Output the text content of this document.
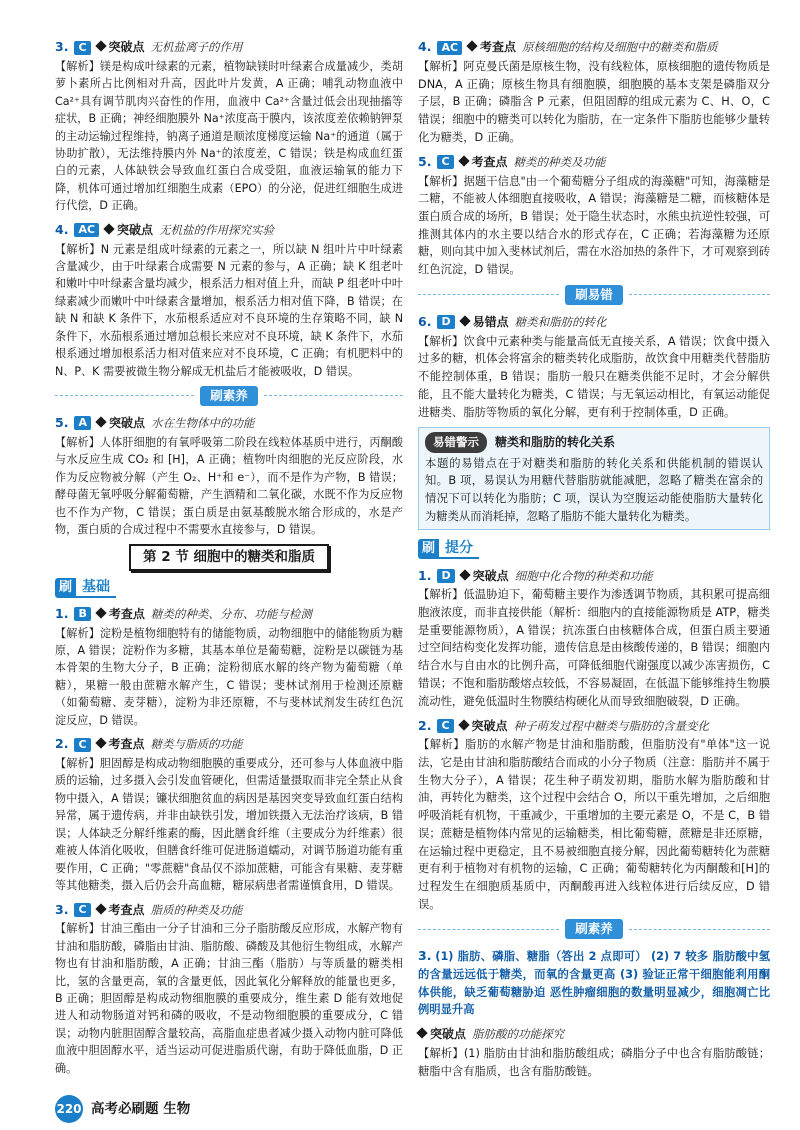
3. C	突破点 无机盐离子的作用

【解析】镁是构成叶绿素的元素，植物缺镁时叶绿素合成量减少，类胡萝卜素所占比例相对升高，因此叶片发黄，A 正确；哺乳动物血液中 Ca²⁺具有调节肌肉兴奋性的作用，血液中 Ca²⁺含量过低会出现抽搐等症状，B 正确；神经细胞膜外 Na⁺浓度高于膜内，该浓度差依赖钠钾泵的主动运输过程维持，钠离子通道是顺浓度梯度运输 Na⁺的通道（属于协助扩散），无法维持膜内外 Na⁺的浓度差，C 错误；铁是构成血红蛋白的元素，人体缺铁会导致血红蛋白合成受阻，血液运输氧的能力下降，机体可通过增加红细胞生成素（EPO）的分泌，促进红细胞生成进行代偿，D 正确。

4. AC	突破点 无机盐的作用探究实验

【解析】N 元素是组成叶绿素的元素之一，所以缺 N 组叶片中叶绿素含量减少，由于叶绿素合成需要 N 元素的参与，A 正确；缺 K 组老叶和嫩叶中叶绿素含量均减少，根系活力相对值上升，而缺 P 组老叶中叶绿素减少而嫩叶中叶绿素含量增加，根系活力相对值下降，B 错误；在缺 N 和缺 K 条件下，水茄根系适应对不良环境的生存策略不同，缺 N 条件下，水茄根系通过增加总根长来应对不良环境，缺 K 条件下，水茄根系通过增加根系活力相对值来应对不良环境，C 正确；有机肥料中的 N、P、K 需要被微生物分解成无机盐后才能被吸收，D 错误。

刷素养
5. A	突破点 水在生物体中的功能

【解析】人体肝细胞的有氧呼吸第二阶段在线粒体基质中进行，丙酮酸与水反应生成 CO₂ 和 [H]，A 正确；植物叶肉细胞的光反应阶段，水作为反应物被分解（产生 O₂、H⁺和 e⁻），而不是作为产物，B 错误；酵母菌无氧呼吸分解葡萄糖，产生酒精和二氧化碳，水既不作为反应物也不作为产物，C 错误；蛋白质是由氨基酸脱水缩合形成的，水是产物，蛋白质的合成过程中不需要水直接参与，D 错误。

第 2 节 细胞中的糖类和脂质
刷 基础
1. B	考查点 糖类的种类、分布、功能与检测

【解析】淀粉是植物细胞特有的储能物质，动物细胞中的储能物质为糖原，A 错误；淀粉作为多糖，其基本单位是葡萄糖，淀粉是以碳链为基本骨架的生物大分子，B 正确；淀粉彻底水解的终产物为葡萄糖（单糖），果糖一般由蔗糖水解产生，C 错误；斐林试剂用于检测还原糖（如葡萄糖、麦芽糖），淀粉为非还原糖，不与斐林试剂发生砖红色沉淀反应，D 错误。

2. C	考查点 糖类与脂质的功能

【解析】胆固醇是构成动物细胞膜的重要成分，还可参与人体血液中脂质的运输，过多摄入会引发血管硬化，但需适量摄取而非完全禁止从食物中摄入，A 错误；镰状细胞贫血的病因是基因突变导致血红蛋白结构异常，属于遗传病，并非由缺铁引发，增加铁摄入无法治疗该病，B 错误；人体缺乏分解纤维素的酶，因此膳食纤维（主要成分为纤维素）很难被人体消化吸收，但膳食纤维可促进肠道蠕动，对调节肠道功能有重要作用，C 正确；"零蔗糖"食品仅不添加蔗糖，可能含有果糖、麦芽糖等其他糖类，摄入后仍会升高血糖，糖尿病患者需谨慎食用，D 错误。

3. C	考查点 脂质的种类及功能

【解析】甘油三酯由一分子甘油和三分子脂肪酸反应形成，水解产物有甘油和脂肪酸，磷脂由甘油、脂肪酸、磷酸及其他衍生物组成，水解产物也有甘油和脂肪酸，A 正确；甘油三酯（脂肪）与等质量的糖类相比，氢的含量更高，氧的含量更低，因此氧化分解释放的能量也更多，B 正确；胆固醇是构成动物细胞膜的重要成分，维生素 D 能有效地促进人和动物肠道对钙和磷的吸收，不是动物细胞膜的重要成分，C 错误；动物内脏胆固醇含量较高，高脂血症患者减少摄入动物内脏可降低血液中胆固醇水平，适当运动可促进脂质代谢，有助于降低血脂，D 正确。

4. AC	考查点 原核细胞的结构及细胞中的糖类和脂质

【解析】阿克曼氏菌是原核生物，没有线粒体，原核细胞的遗传物质是 DNA，A 正确；原核生物具有细胞膜，细胞膜的基本支架是磷脂双分子层，B 正确；磷脂含 P 元素，但阻固醇的组成元素为 C、H、O，C 错误；细胞中的糖类可以转化为脂肪，在一定条件下脂肪也能够少量转化为糖类，D 正确。

5. C	考查点 糖类的种类及功能

【解析】据题干信息"由一个葡萄糖分子组成的海藻糖"可知，海藻糖是二糖，不能被人体细胞直接吸收，A 错误；海藻糖是二糖，而核糖体是蛋白质合成的场所，B 错误；处于隐生状态时，水熊虫抗逆性较强，可推测其体内的水主要以结合水的形式存在，C 正确；若海藻糖为还原糖，则向其中加入斐林试剂后，需在水浴加热的条件下，才可观察到砖红色沉淀，D 错误。

刷易错
6. D	易错点 糖类和脂肪的转化

【解析】饮食中元素种类与能量高低无直接关系，A 错误；饮食中摄入过多的糖，机体会将富余的糖类转化成脂肪，故饮食中用糖类代替脂肪不能控制体重，B 错误；脂肪一般只在糖类供能不足时，才会分解供能，且不能大量转化为糖类，C 错误；与无氧运动相比，有氧运动能促进糖类、脂肪等物质的氧化分解，更有利于控制体重，D 正确。

易错警示	糖类和脂肪的转化关系
本题的易错点在于对糖类和脂肪的转化关系和供能机制的错误认知。B 项，易误认为用糖代替脂肪就能减肥，忽略了糖类在富余的情况下可以转化为脂肪；C 项，误认为空腹运动能使脂肪大量转化为糖类从而消耗掉，忽略了脂肪不能大量转化为糖类。
刷 提分
1. D	突破点 细胞中化合物的种类和功能

【解析】低温胁迫下，葡萄糖主要作为渗透调节物质，其积累可提高细胞液浓度，而非直接供能（解析：细胞内的直接能源物质是 ATP，糖类是重要能源物质），A 错误；抗冻蛋白由核糖体合成，但蛋白质主要通过空间结构变化发挥功能，遗传信息是由核酸传递的，B 错误；细胞内结合水与自由水的比例升高，可降低细胞代谢强度以减少冻害损伤，C 错误；不饱和脂肪酸熔点较低，不容易凝固，在低温下能够维持生物膜流动性，避免低温时生物膜结构硬化从而导致细胞破裂，D 正确。

2. C	突破点 种子萌发过程中糖类与脂肪的含量变化

【解析】脂肪的水解产物是甘油和脂肪酸，但脂肪没有"单体"这一说法，它是由甘油和脂肪酸结合而成的小分子物质（注意：脂肪并不属于生物大分子），A 错误；花生种子萌发初期，脂肪水解为脂肪酸和甘油，再转化为糖类，这个过程中会结合 O，所以干重先增加，之后细胞呼吸消耗有机物，干重减少，干重增加的主要元素是 O，不是 C，B 错误；蔗糖是植物体内常见的运输糖类，相比葡萄糖，蔗糖是非还原糖，在运输过程中更稳定，且不易被细胞直接分解，因此葡萄糖转化为蔗糖更有利于植物对有机物的运输，C 正确；葡萄糖转化为丙酮酸和[H]的过程发生在细胞质基质中，丙酮酸再进入线粒体进行后续反应，D 错误。

刷素养

3. (1) 脂肪、磷脂、糖脂（答出 2 点即可） (2) 7 较多 脂肪酸中氢的含量远远低于糖类，而氧的含量更高 (3) 验证正常干细胞能利用酮体供能，缺乏葡萄糖胁迫 恶性肿瘤细胞的数量明显减少，细胞凋亡比例明显升高

突破点 脂肪酸的功能探究

【解析】(1) 脂肪由甘油和脂肪酸组成；磷脂分子中也含有脂肪酸链；糖脂中含有脂质，也含有脂肪酸链。

220 高考必刷题 生物
